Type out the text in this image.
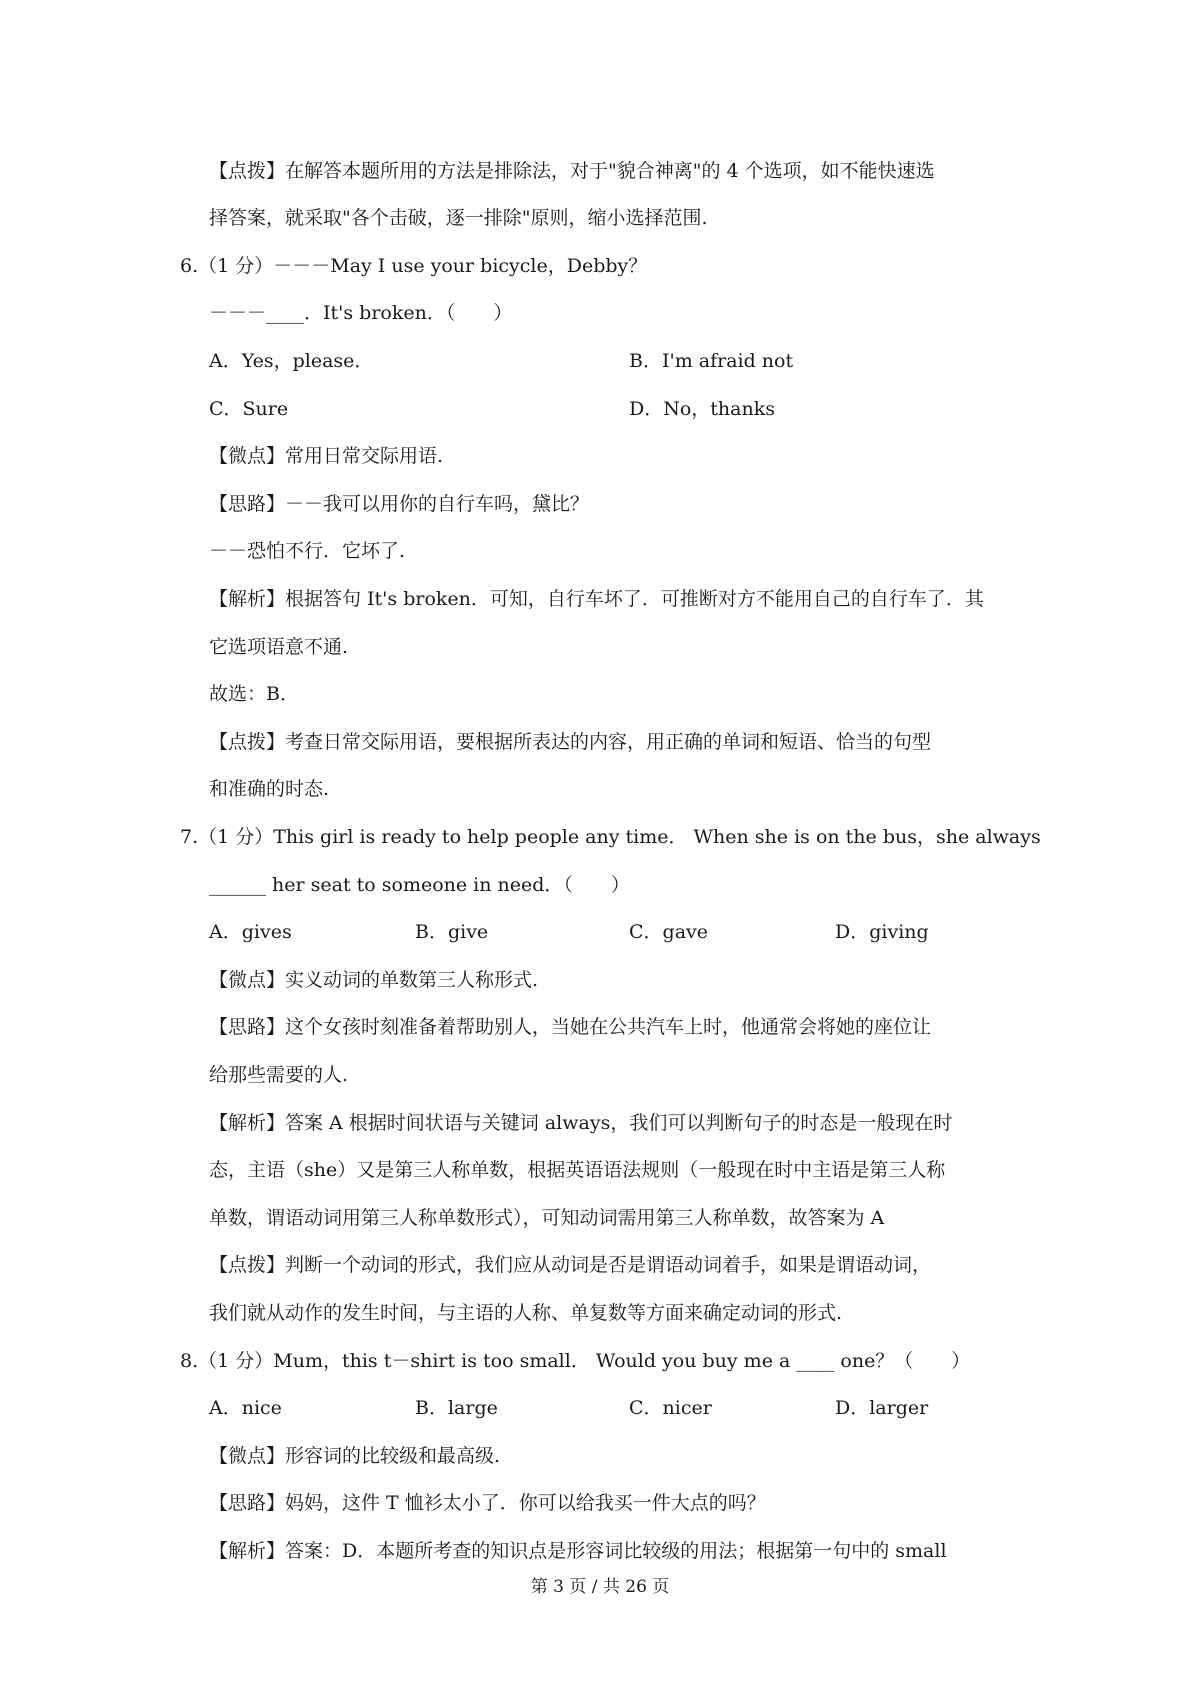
【点拨】在解答本题所用的方法是排除法，对于"貌合神离"的 4 个选项，如不能快速选
择答案，就采取"各个击破，逐一排除"原则，缩小选择范围.
6.（1 分）－－－May I use your bicycle，Debby？
－－－____．It's broken．（　　）
A．Yes，please．	B．I'm afraid not
C．Sure	D．No，thanks
【微点】常用日常交际用语.
【思路】－－我可以用你的自行车吗，黛比？
－－恐怕不行．它坏了.
【解析】根据答句 It's broken．可知，自行车坏了．可推断对方不能用自己的自行车了．其
它选项语意不通.
故选：B．
【点拨】考查日常交际用语，要根据所表达的内容，用正确的单词和短语、恰当的句型
和准确的时态.
7.（1 分）This girl is ready to help people any time． When she is on the bus，she always
______ her seat to someone in need．（　　）
A．gives	B．give	C．gave	D．giving
【微点】实义动词的单数第三人称形式.
【思路】这个女孩时刻准备着帮助别人，当她在公共汽车上时，他通常会将她的座位让
给那些需要的人.
【解析】答案 A 根据时间状语与关键词 always，我们可以判断句子的时态是一般现在时
态，主语（she）又是第三人称单数，根据英语语法规则（一般现在时中主语是第三人称
单数，谓语动词用第三人称单数形式），可知动词需用第三人称单数，故答案为 A
【点拨】判断一个动词的形式，我们应从动词是否是谓语动词着手，如果是谓语动词，
我们就从动作的发生时间，与主语的人称、单复数等方面来确定动词的形式.
8.（1 分）Mum，this t－shirt is too small． Would you buy me a ____ one？（　　）
A．nice	B．large	C．nicer	D．larger
【微点】形容词的比较级和最高级.
【思路】妈妈，这件 T 恤衫太小了．你可以给我买一件大点的吗？
【解析】答案：D．本题所考查的知识点是形容词比较级的用法；根据第一句中的 small
第 3 页 / 共 26 页
